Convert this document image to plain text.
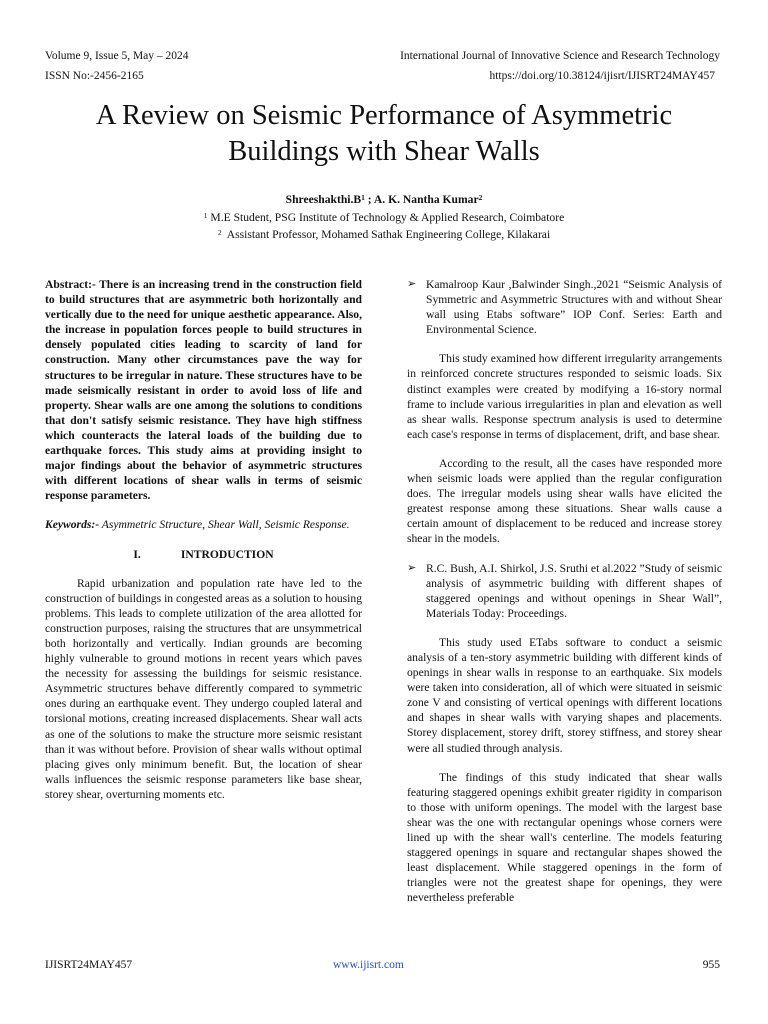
Volume 9, Issue 5, May – 2024
ISSN No:-2456-2165
International Journal of Innovative Science and Research Technology
https://doi.org/10.38124/ijisrt/IJISRT24MAY457
A Review on Seismic Performance of Asymmetric Buildings with Shear Walls
$Shreeshakthi.B^1$ ; A. K. Nantha Kumar$^2$
$^1$ M.E Student, PSG Institute of Technology & Applied Research, Coimbatore
$^2$  Assistant Professor, Mohamed Sathak Engineering College, Kilakarai

Abstract:- There is an increasing trend in the construction field to build structures that are asymmetric both horizontally and vertically due to the need for unique aesthetic appearance. Also, the increase in population forces people to build structures in densely populated cities leading to scarcity of land for construction. Many other circumstances pave the way for structures to be irregular in nature. These structures have to be made seismically resistant in order to avoid loss of life and property. Shear walls are one among the solutions to conditions that don't satisfy seismic resistance. They have high stiffness which counteracts the lateral loads of the building due to earthquake forces. This study aims at providing insight to major findings about the behavior of asymmetric structures with different locations of shear walls in terms of seismic response parameters.

Keywords:- Asymmetric Structure, Shear Wall, Seismic Response.

I.	INTRODUCTION

Rapid urbanization and population rate have led to the construction of buildings in congested areas as a solution to housing problems. This leads to complete utilization of the area allotted for construction purposes, raising the structures that are unsymmetrical both horizontally and vertically. Indian grounds are becoming highly vulnerable to ground motions in recent years which paves the necessity for assessing the buildings for seismic resistance. Asymmetric structures behave differently compared to symmetric ones during an earthquake event. They undergo coupled lateral and torsional motions, creating increased displacements. Shear wall acts as one of the solutions to make the structure more seismic resistant than it was without before. Provision of shear walls without optimal placing gives only minimum benefit. But, the location of shear walls influences the seismic response parameters like base shear, storey shear, overturning moments etc.

➢ Kamalroop Kaur ,Balwinder Singh.,2021 “Seismic Analysis of Symmetric and Asymmetric Structures with and without Shear wall using Etabs software” IOP Conf. Series: Earth and Environmental Science.

This study examined how different irregularity arrangements in reinforced concrete structures responded to seismic loads. Six distinct examples were created by modifying a 16-story normal frame to include various irregularities in plan and elevation as well as shear walls. Response spectrum analysis is used to determine each case's response in terms of displacement, drift, and base shear.

According to the result, all the cases have responded more when seismic loads were applied than the regular configuration does. The irregular models using shear walls have elicited the greatest response among these situations. Shear walls cause a certain amount of displacement to be reduced and increase storey shear in the models.

➢ R.C. Bush, A.I. Shirkol, J.S. Sruthi et al.2022 ”Study of seismic analysis of asymmetric building with different shapes of staggered openings and without openings in Shear Wall”, Materials Today: Proceedings.

This study used ETabs software to conduct a seismic analysis of a ten-story asymmetric building with different kinds of openings in shear walls in response to an earthquake. Six models were taken into consideration, all of which were situated in seismic zone V and consisting of vertical openings with different locations and shapes in shear walls with varying shapes and placements. Storey displacement, storey drift, storey stiffness, and storey shear were all studied through analysis.

The findings of this study indicated that shear walls featuring staggered openings exhibit greater rigidity in comparison to those with uniform openings. The model with the largest base shear was the one with rectangular openings whose corners were lined up with the shear wall's centerline. The models featuring staggered openings in square and rectangular shapes showed the least displacement. While staggered openings in the form of triangles were not the greatest shape for openings, they were nevertheless preferable

IJISRT24MAY457	www.ijisrt.com	955
